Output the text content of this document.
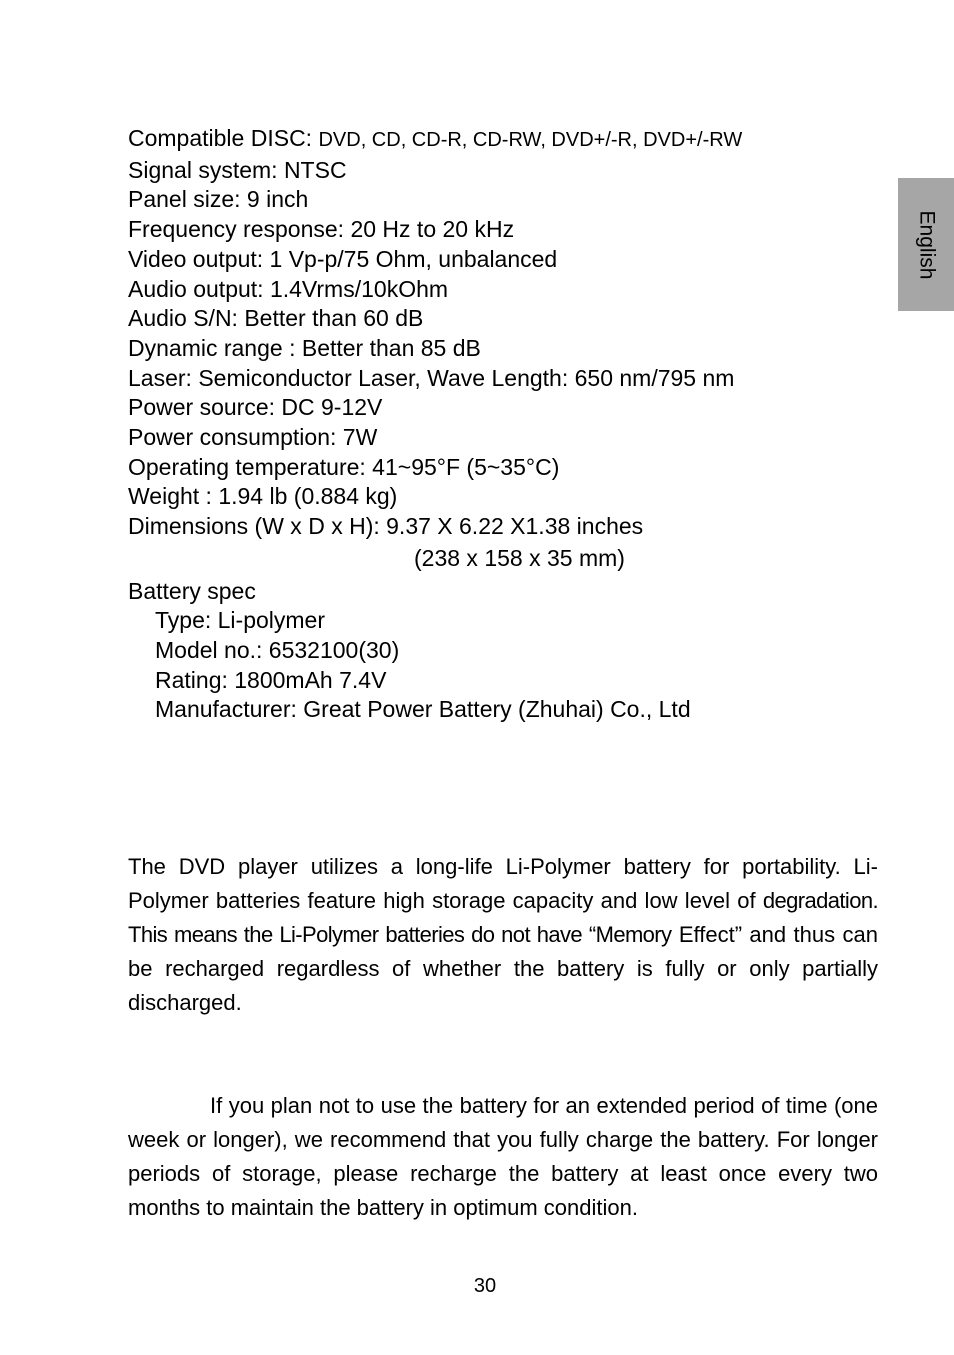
English
Compatible DISC: DVD, CD, CD-R, CD-RW, DVD+/-R, DVD+/-RW
Signal system: NTSC
Panel size: 9 inch
Frequency response: 20 Hz to 20 kHz
Video output: 1 Vp-p/75 Ohm, unbalanced
Audio output: 1.4Vrms/10kOhm
Audio S/N: Better than 60 dB
Dynamic range : Better than 85 dB
Laser: Semiconductor Laser, Wave Length: 650 nm/795 nm
Power source: DC 9-12V
Power consumption: 7W
Operating temperature: 41~95°F (5~35°C)
Weight : 1.94 lb (0.884 kg)
Dimensions (W x D x H): 9.37 X 6.22 X1.38 inches
(238 x 158 x 35 mm)
Battery spec
Type: Li-polymer
Model no.: 6532100(30)
Rating: 1800mAh 7.4V
Manufacturer: Great Power Battery (Zhuhai) Co., Ltd
The DVD player utilizes a long-life Li-Polymer battery for portability. Li-Polymer batteries feature high storage capacity and low level of degradation. This means the Li-Polymer batteries do not have “Memory Effect” and thus can be recharged regardless of whether the battery is fully or only partially discharged.
If you plan not to use the battery for an extended period of time (one week or longer), we recommend that you fully charge the battery. For longer periods of storage, please recharge the battery at least once every two months to maintain the battery in optimum condition.
30
